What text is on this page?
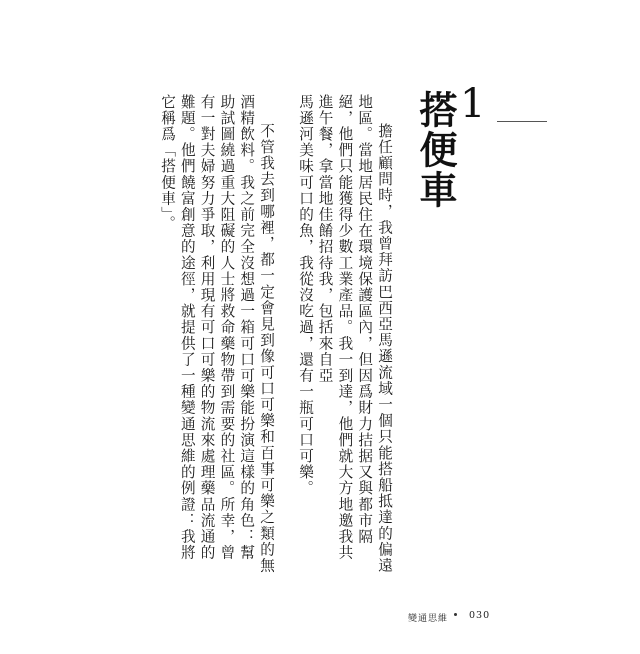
1
搭便車
擔任顧問時，我曾拜訪巴西亞馬遜流域一個只能搭船抵達的偏遠地區。當地居民住在環境保護區內，但因爲財力拮据又與都市隔絕，他們只能獲得少數工業產品。我一到達，他們就大方地邀我共進午餐，拿當地佳餚招待我，包括來自亞
馬遜河美味可口的魚，我從沒吃過，還有一瓶可口可樂。
不管我去到哪裡，都一定會見到像可口可樂和百事可樂之類的無酒精飲料。我之前完全沒想過一箱可口可樂能扮演這樣的角色：幫助試圖繞過重大阻礙的人士將救命藥物帶到需要的社區。所幸，曾有一對夫婦努力爭取，利用現有可口可樂的物流來處理藥品流通的難題。他們饒富創意的途徑，就提供了一種變通思維的例證：我將它稱爲「搭便車」。
變通思維 030
